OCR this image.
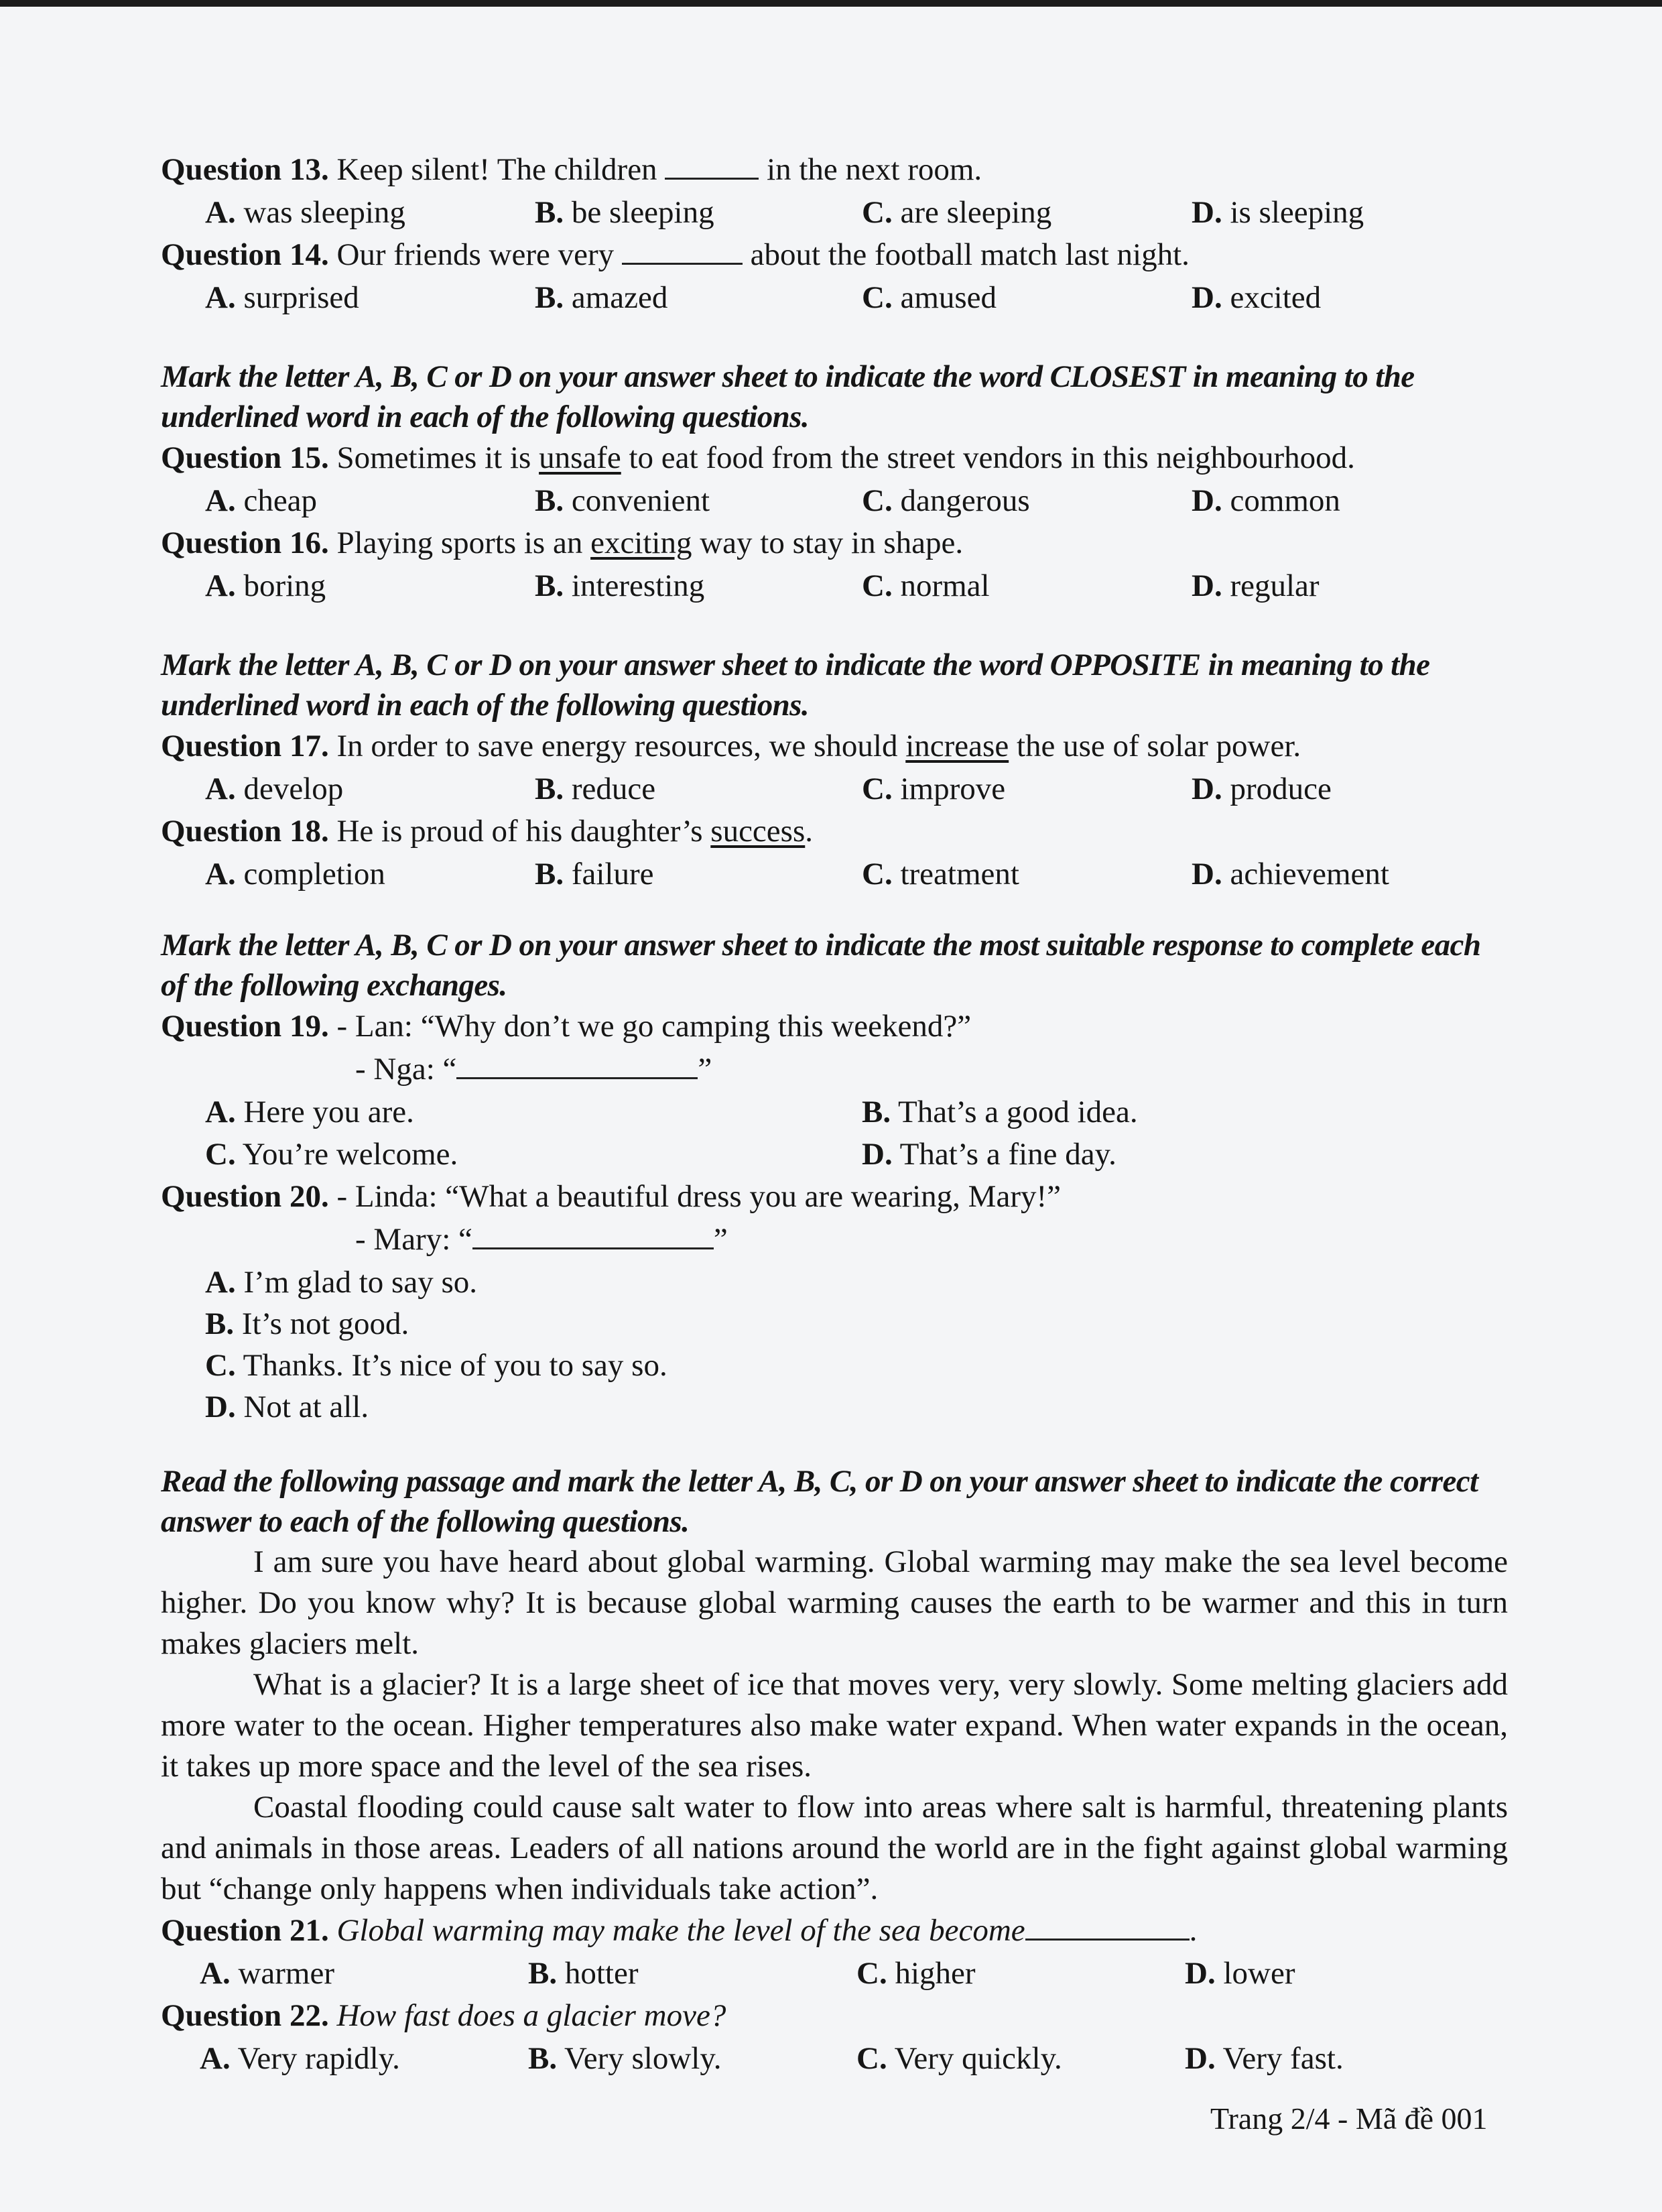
Question 13. Keep silent! The children	in the next room.
A. was sleeping	B. be sleeping	C. are sleeping	D. is sleeping
Question 14. Our friends were very	about the football match last night.
A. surprised	B. amazed	C. amused	D. excited
Mark the letter A, B, C or D on your answer sheet to indicate the word CLOSEST in meaning to the underlined word in each of the following questions.
Question 15. Sometimes it is unsafe to eat food from the street vendors in this neighbourhood.
A. cheap	B. convenient	C. dangerous	D. common
Question 16. Playing sports is an exciting way to stay in shape.
A. boring	B. interesting	C. normal	D. regular
Mark the letter A, B, C or D on your answer sheet to indicate the word OPPOSITE in meaning to the underlined word in each of the following questions.
Question 17. In order to save energy resources, we should increase the use of solar power.
A. develop	B. reduce	C. improve	D. produce
Question 18. He is proud of his daughter’s success.
A. completion	B. failure	C. treatment	D. achievement
Mark the letter A, B, C or D on your answer sheet to indicate the most suitable response to complete each of the following exchanges.
Question 19. - Lan: “Why don’t we go camping this weekend?”
- Nga: “	”
A. Here you are.	B. That’s a good idea.
C. You’re welcome.	D. That’s a fine day.
Question 20. - Linda: “What a beautiful dress you are wearing, Mary!”
- Mary: “	”
A. I’m glad to say so.
B. It’s not good.
C. Thanks. It’s nice of you to say so.
D. Not at all.
Read the following passage and mark the letter A, B, C, or D on your answer sheet to indicate the correct answer to each of the following questions.

I am sure you have heard about global warming. Global warming may make the sea level become higher. Do you know why? It is because global warming causes the earth to be warmer and this in turn makes glaciers melt.

What is a glacier? It is a large sheet of ice that moves very, very slowly. Some melting glaciers add more water to the ocean. Higher temperatures also make water expand. When water expands in the ocean, it takes up more space and the level of the sea rises.

Coastal flooding could cause salt water to flow into areas where salt is harmful, threatening plants and animals in those areas. Leaders of all nations around the world are in the fight against global warming but “change only happens when individuals take action”.

Question 21. Global warming may make the level of the sea become	.
A. warmer	B. hotter	C. higher	D. lower
Question 22. How fast does a glacier move?
A. Very rapidly.	B. Very slowly.	C. Very quickly.	D. Very fast.
Trang 2/4 - Mã đề 001
